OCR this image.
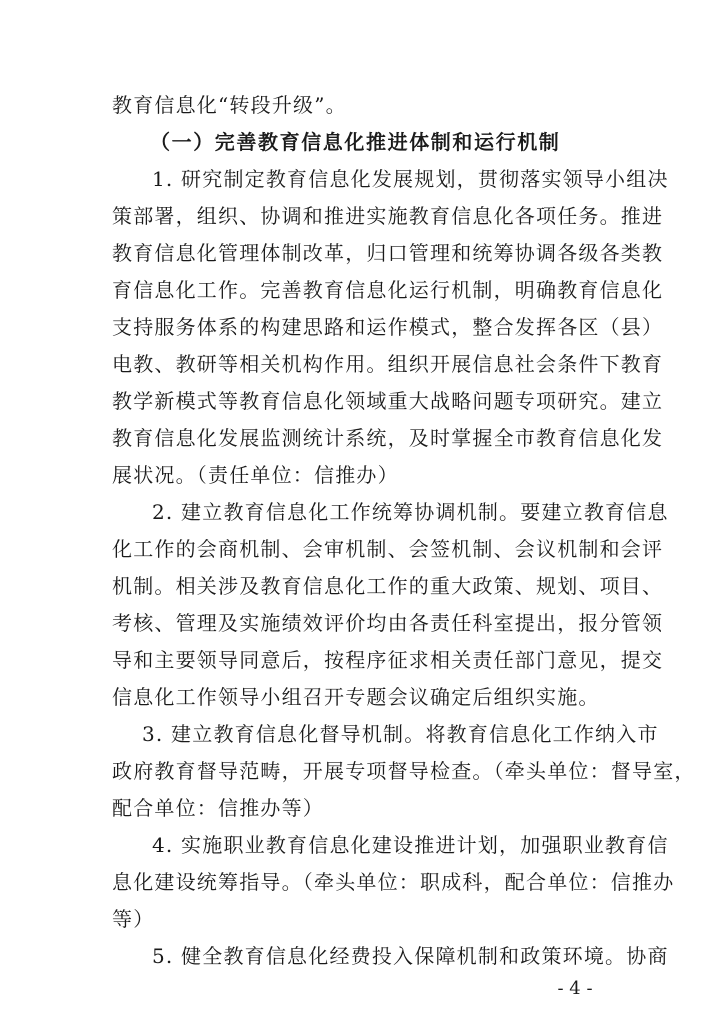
教育信息化“转段升级”。
（一）完善教育信息化推进体制和运行机制
1. 研究制定教育信息化发展规划，贯彻落实领导小组决
策部署，组织、协调和推进实施教育信息化各项任务。推进
教育信息化管理体制改革，归口管理和统筹协调各级各类教
育信息化工作。完善教育信息化运行机制，明确教育信息化
支持服务体系的构建思路和运作模式，整合发挥各区（县）
电教、教研等相关机构作用。组织开展信息社会条件下教育
教学新模式等教育信息化领域重大战略问题专项研究。建立
教育信息化发展监测统计系统，及时掌握全市教育信息化发
展状况。（责任单位：信推办）
2. 建立教育信息化工作统筹协调机制。要建立教育信息
化工作的会商机制、会审机制、会签机制、会议机制和会评
机制。相关涉及教育信息化工作的重大政策、规划、项目、
考核、管理及实施绩效评价均由各责任科室提出，报分管领
导和主要领导同意后，按程序征求相关责任部门意见，提交
信息化工作领导小组召开专题会议确定后组织实施。
3. 建立教育信息化督导机制。将教育信息化工作纳入市
政府教育督导范畴，开展专项督导检查。（牵头单位：督导室，
配合单位：信推办等）
4. 实施职业教育信息化建设推进计划，加强职业教育信
息化建设统筹指导。（牵头单位：职成科，配合单位：信推办
等）
5. 健全教育信息化经费投入保障机制和政策环境。协商
- 4 -
